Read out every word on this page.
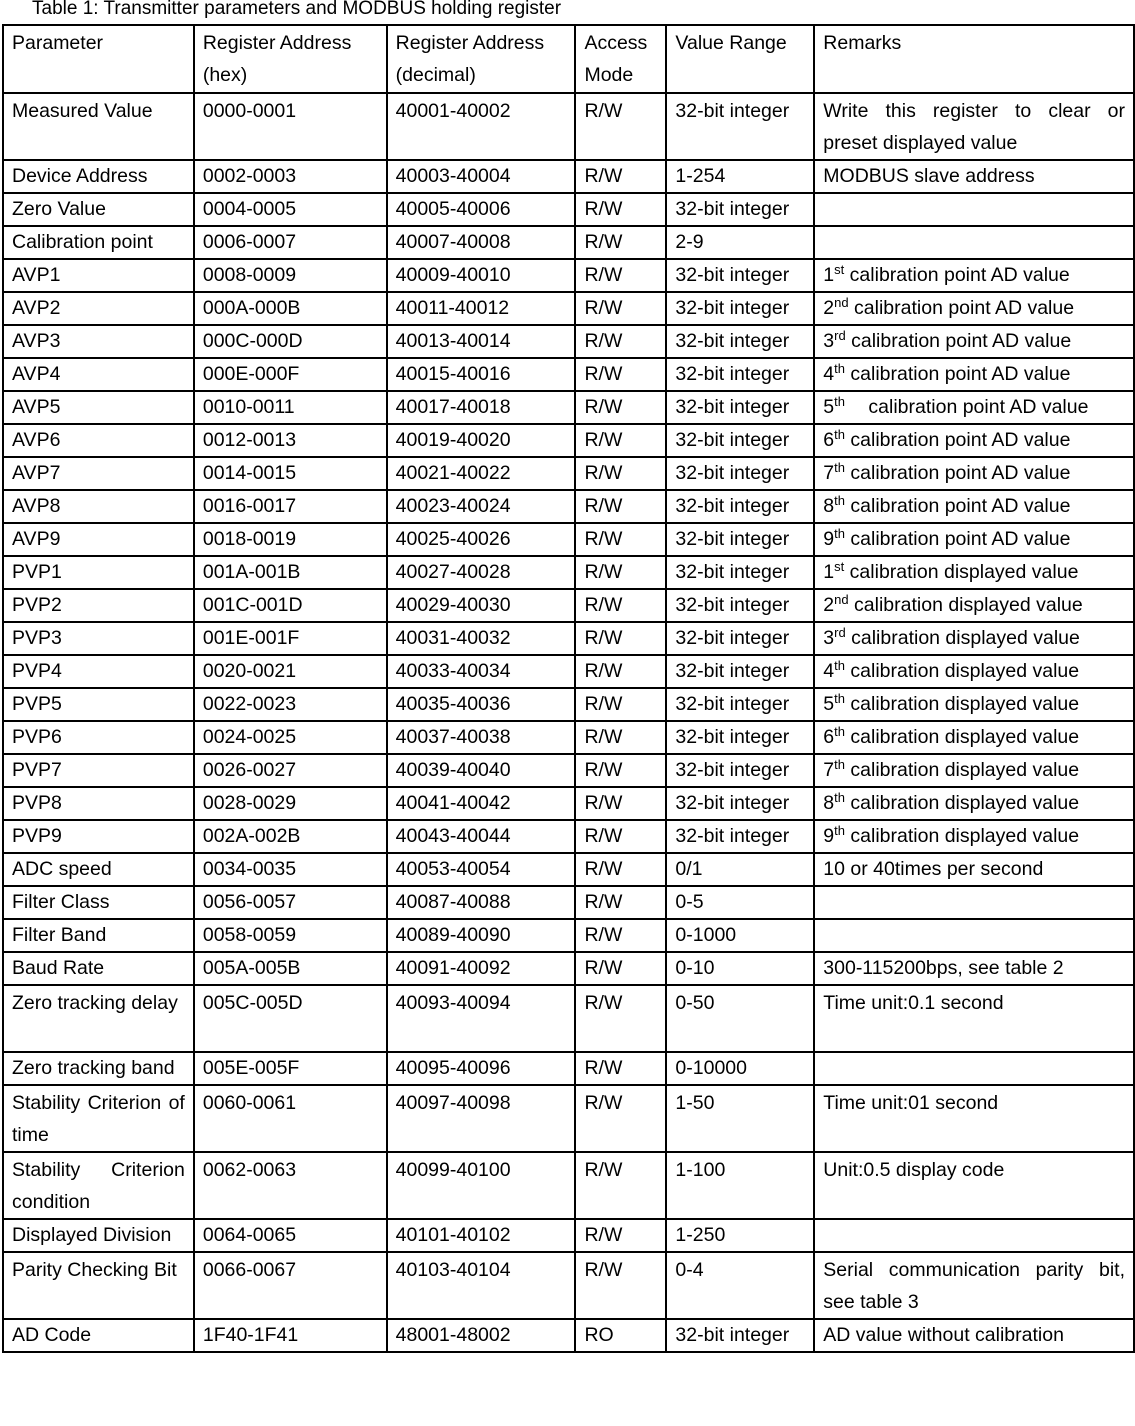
Table 1: Transmitter parameters and MODBUS holding register
Parameter	Register Address (hex)	Register Address (decimal)	Access Mode	Value Range	Remarks
Measured Value	0000-0001	40001-40002	R/W	32-bit integer	Write this register to clear or preset displayed value
Device Address	0002-0003	40003-40004	R/W	1-254	MODBUS slave address
Zero Value	0004-0005	40005-40006	R/W	32-bit integer	
Calibration point	0006-0007	40007-40008	R/W	2-9	
AVP1	0008-0009	40009-40010	R/W	32-bit integer	1st calibration point AD value
AVP2	000A-000B	40011-40012	R/W	32-bit integer	2nd calibration point AD value
AVP3	000C-000D	40013-40014	R/W	32-bit integer	3rd calibration point AD value
AVP4	000E-000F	40015-40016	R/W	32-bit integer	4th calibration point AD value
AVP5	0010-0011	40017-40018	R/W	32-bit integer	5th calibration point AD value
AVP6	0012-0013	40019-40020	R/W	32-bit integer	6th calibration point AD value
AVP7	0014-0015	40021-40022	R/W	32-bit integer	7th calibration point AD value
AVP8	0016-0017	40023-40024	R/W	32-bit integer	8th calibration point AD value
AVP9	0018-0019	40025-40026	R/W	32-bit integer	9th calibration point AD value
PVP1	001A-001B	40027-40028	R/W	32-bit integer	1st calibration displayed value
PVP2	001C-001D	40029-40030	R/W	32-bit integer	2nd calibration displayed value
PVP3	001E-001F	40031-40032	R/W	32-bit integer	3rd calibration displayed value
PVP4	0020-0021	40033-40034	R/W	32-bit integer	4th calibration displayed value
PVP5	0022-0023	40035-40036	R/W	32-bit integer	5th calibration displayed value
PVP6	0024-0025	40037-40038	R/W	32-bit integer	6th calibration displayed value
PVP7	0026-0027	40039-40040	R/W	32-bit integer	7th calibration displayed value
PVP8	0028-0029	40041-40042	R/W	32-bit integer	8th calibration displayed value
PVP9	002A-002B	40043-40044	R/W	32-bit integer	9th calibration displayed value
ADC speed	0034-0035	40053-40054	R/W	0/1	10 or 40times per second
Filter Class	0056-0057	40087-40088	R/W	0-5	
Filter Band	0058-0059	40089-40090	R/W	0-1000	
Baud Rate	005A-005B	40091-40092	R/W	0-10	300-115200bps, see table 2
Zero tracking delay	005C-005D	40093-40094	R/W	0-50	Time unit:0.1 second
Zero tracking band	005E-005F	40095-40096	R/W	0-10000	
Stability Criterion of time	0060-0061	40097-40098	R/W	1-50	Time unit:01 second
Stability Criterion condition	0062-0063	40099-40100	R/W	1-100	Unit:0.5 display code
Displayed Division	0064-0065	40101-40102	R/W	1-250	
Parity Checking Bit	0066-0067	40103-40104	R/W	0-4	Serial communication parity bit, see table 3
AD Code	1F40-1F41	48001-48002	RO	32-bit integer	AD value without calibration
